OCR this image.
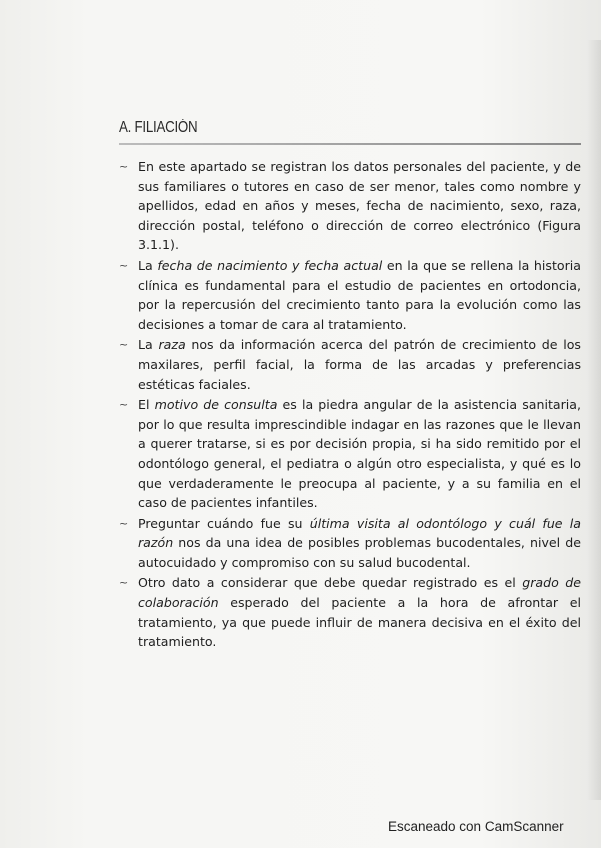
A. FILIACIÓN
~ En este apartado se registran los datos personales del paciente, y de sus familiares o tutores en caso de ser menor, tales como nombre y apellidos, edad en años y meses, fecha de nacimiento, sexo, raza, dirección postal, teléfono o dirección de correo electrónico (Figura 3.1.1).
~ La fecha de nacimiento y fecha actual en la que se rellena la historia clínica es fundamental para el estudio de pacientes en ortodoncia, por la repercusión del crecimiento tanto para la evolución como las decisiones a tomar de cara al tratamiento.
~ La raza nos da información acerca del patrón de crecimiento de los maxilares, perfil facial, la forma de las arcadas y preferencias estéticas faciales.
~ El motivo de consulta es la piedra angular de la asistencia sanitaria, por lo que resulta imprescindible indagar en las razones que le llevan a querer tratarse, si es por decisión propia, si ha sido remitido por el odontólogo general, el pediatra o algún otro especialista, y qué es lo que verdaderamente le preocupa al paciente, y a su familia en el caso de pacientes infantiles.
~ Preguntar cuándo fue su última visita al odontólogo y cuál fue la razón nos da una idea de posibles problemas bucodentales, nivel de autocuidado y compromiso con su salud bucodental.
~ Otro dato a considerar que debe quedar registrado es el grado de colaboración esperado del paciente a la hora de afrontar el tratamiento, ya que puede influir de manera decisiva en el éxito del tratamiento.
Escaneado con CamScanner
